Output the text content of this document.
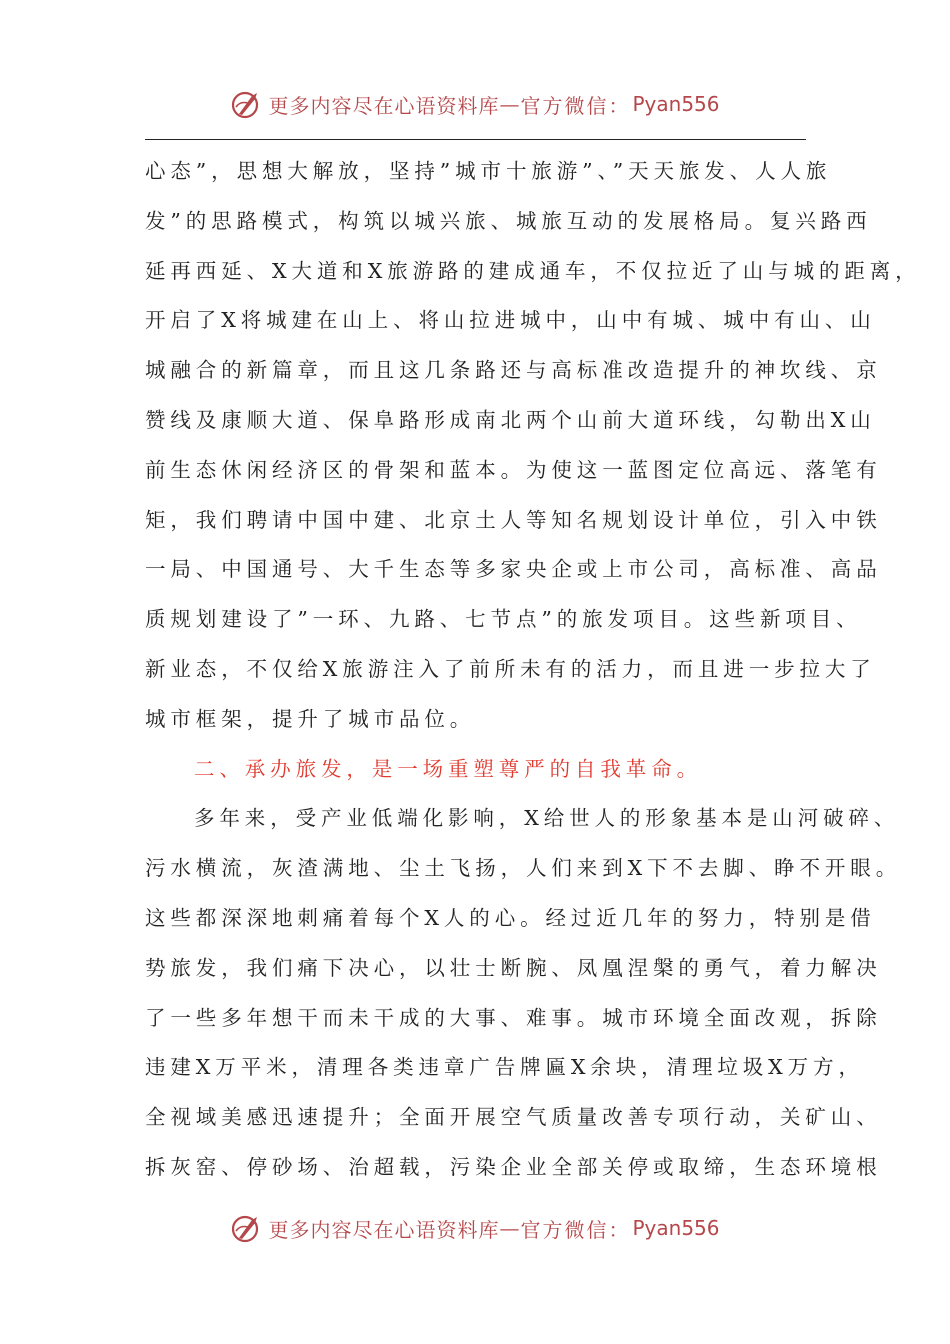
更多内容尽在心语资料库 — 官方微信： Pyan556
心态”，思想大解放，坚持”城市十旅游”、”天天旅发、人人旅
发”的思路模式，构筑以城兴旅、城旅互动的发展格局。复兴路西
延再西延、X大道和X旅游路的建成通车，不仅拉近了山与城的距离，
开启了X将城建在山上、将山拉进城中，山中有城、城中有山、山
城融合的新篇章，而且这几条路还与高标准改造提升的神坎线、京
赞线及康顺大道、保阜路形成南北两个山前大道环线，勾勒出X山
前生态休闲经济区的骨架和蓝本。为使这一蓝图定位高远、落笔有
矩，我们聘请中国中建、北京土人等知名规划设计单位，引入中铁
一局、中国通号、大千生态等多家央企或上市公司，高标准、高品
质规划建设了”一环、九路、七节点”的旅发项目。这些新项目、
新业态，不仅给X旅游注入了前所未有的活力，而且进一步拉大了
城市框架，提升了城市品位。
二、承办旅发，是一场重塑尊严的自我革命。
多年来，受产业低端化影响，X给世人的形象基本是山河破碎、
污水横流，灰渣满地、尘土飞扬，人们来到X下不去脚、睁不开眼。
这些都深深地刺痛着每个X人的心。经过近几年的努力，特别是借
势旅发，我们痛下决心，以壮士断腕、凤凰涅槃的勇气，着力解决
了一些多年想干而未干成的大事、难事。城市环境全面改观，拆除
违建X万平米，清理各类违章广告牌匾X余块，清理垃圾X万方，
全视域美感迅速提升；全面开展空气质量改善专项行动，关矿山、
拆灰窑、停砂场、治超载，污染企业全部关停或取缔，生态环境根
更多内容尽在心语资料库 — 官方微信： Pyan556
